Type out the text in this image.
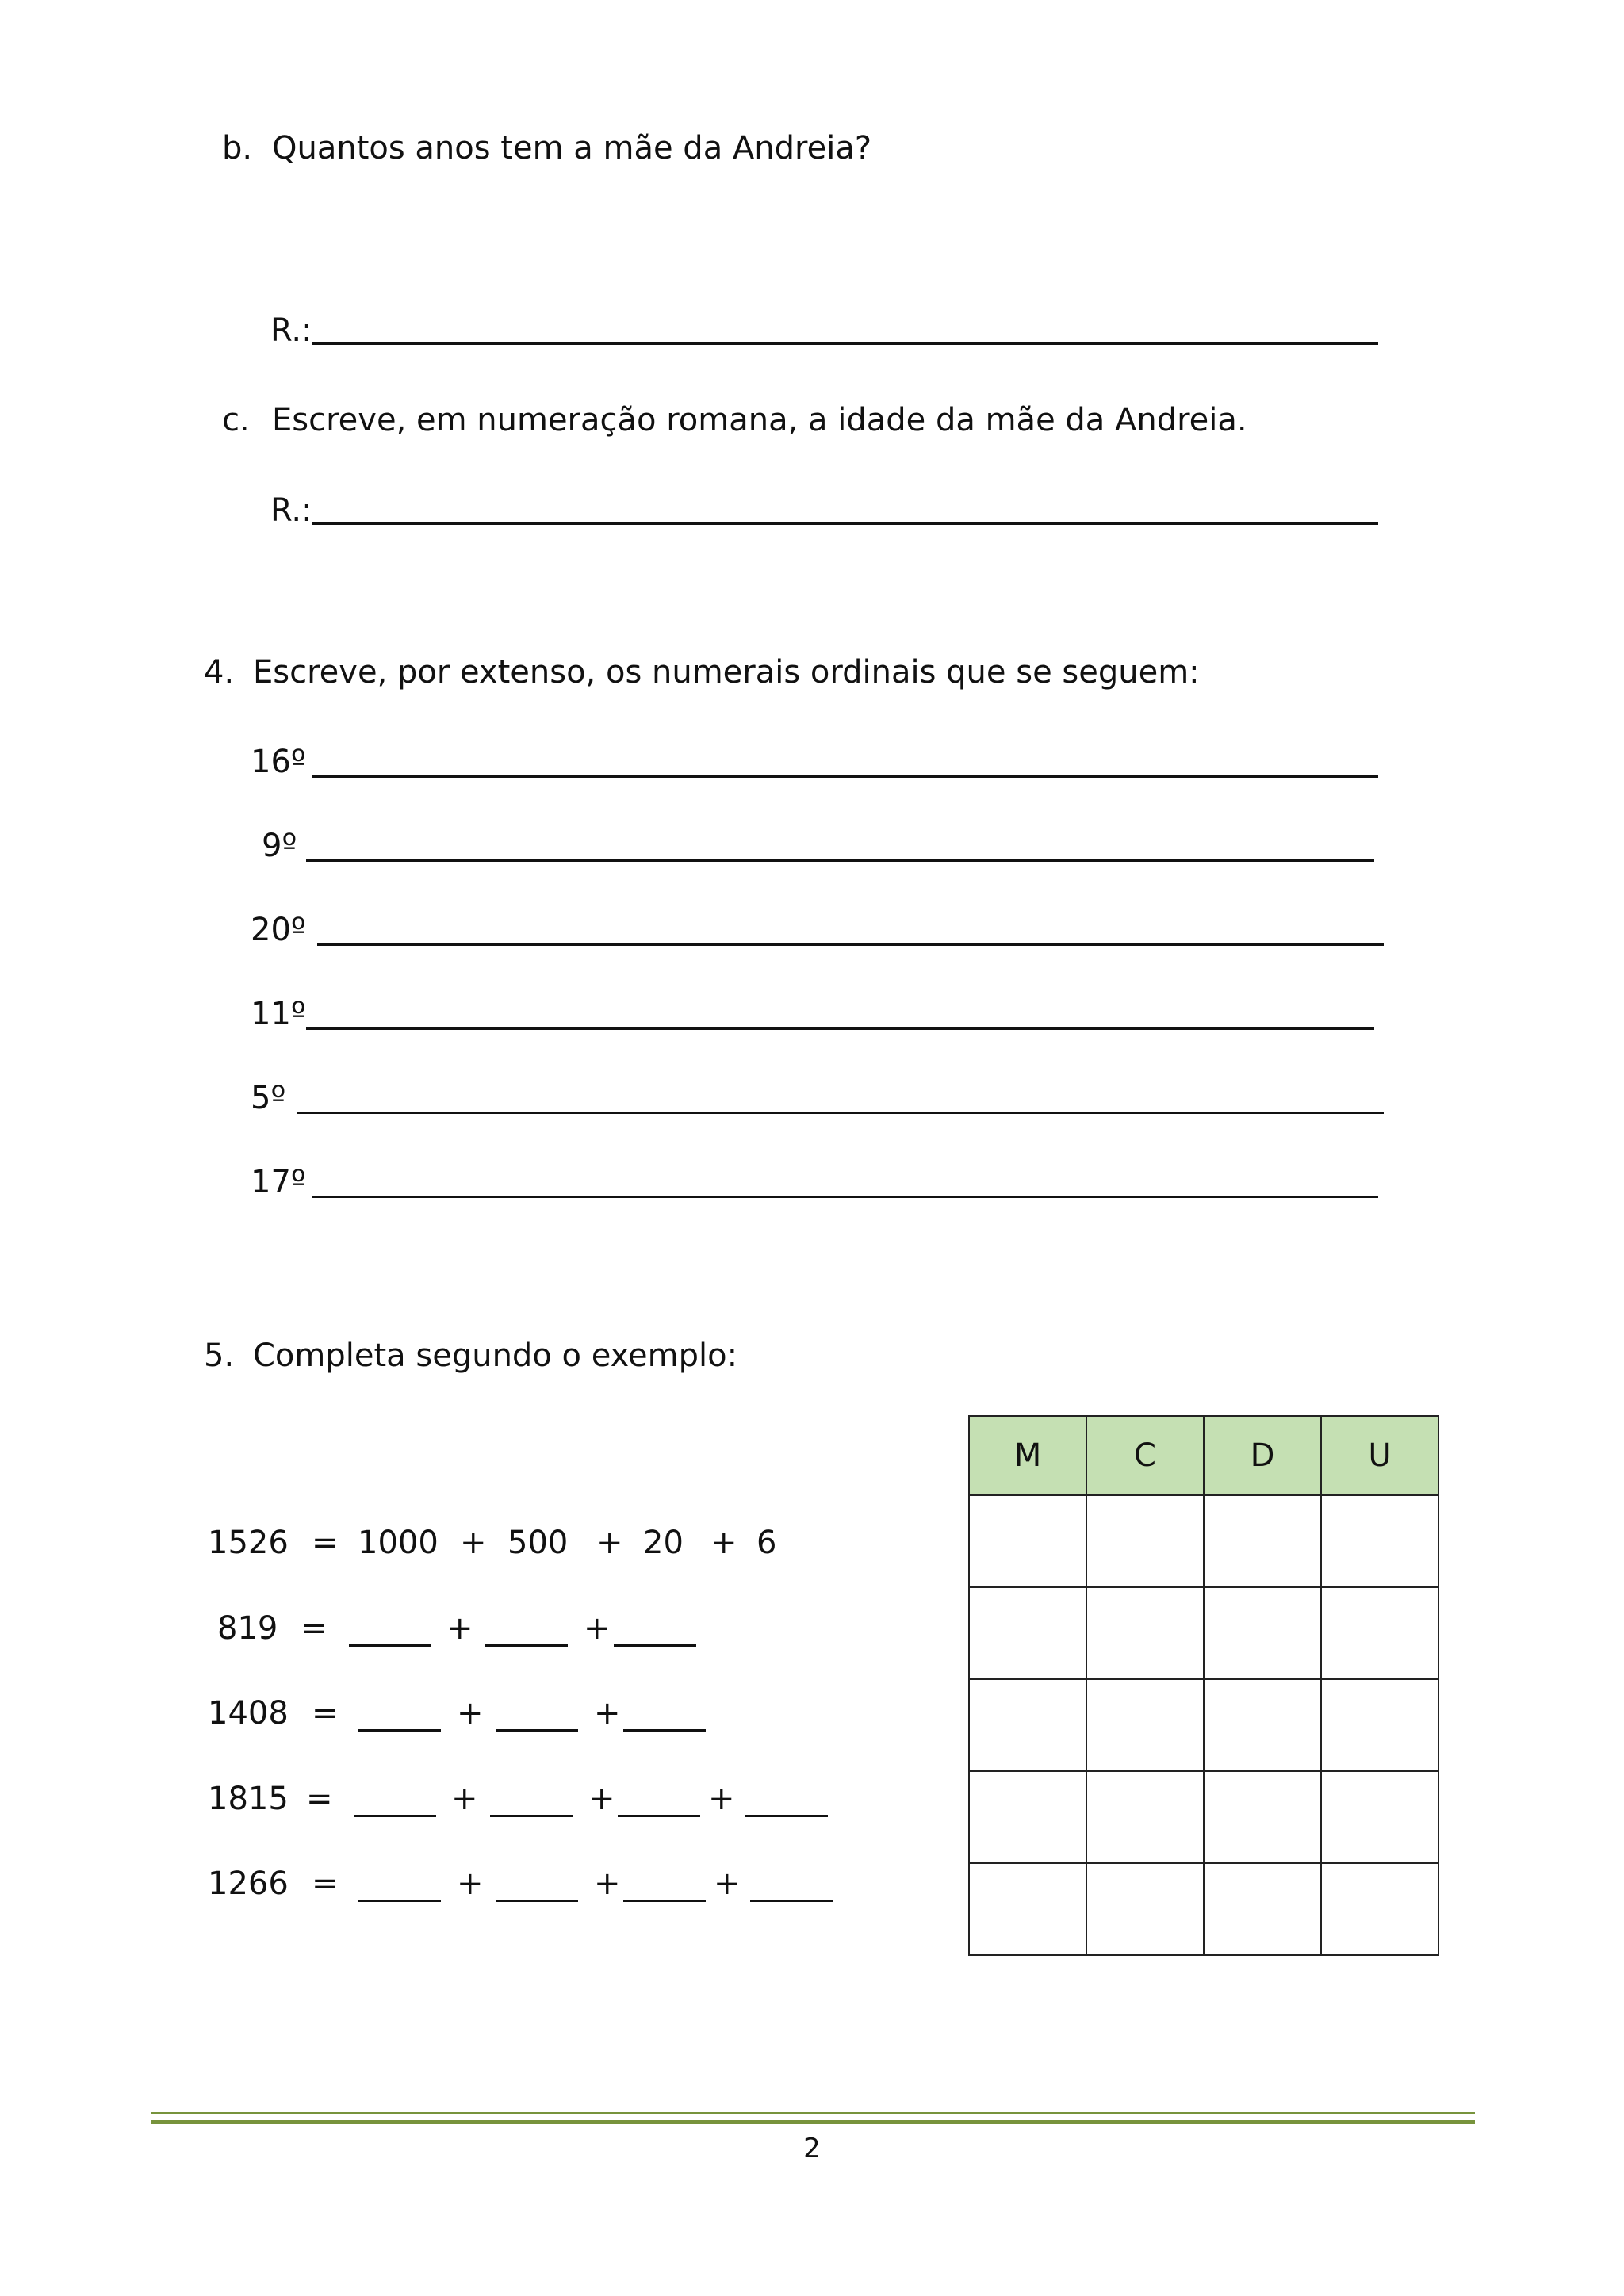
b. Quantos anos tem a mãe da Andreia?
R.:
c. Escreve, em numeração romana, a idade da mãe da Andreia.
R.:
4. Escreve, por extenso, os numerais ordinais que se seguem:
16º
9º
20º
11º
5º
17º
5. Completa segundo o exemplo:
1526 = 1000 + 500 + 20 + 6
819 =	+	+
1408 =	+	+
1815 =	+	+	+
1266 =	+	+	+
M	C	D	U

2
